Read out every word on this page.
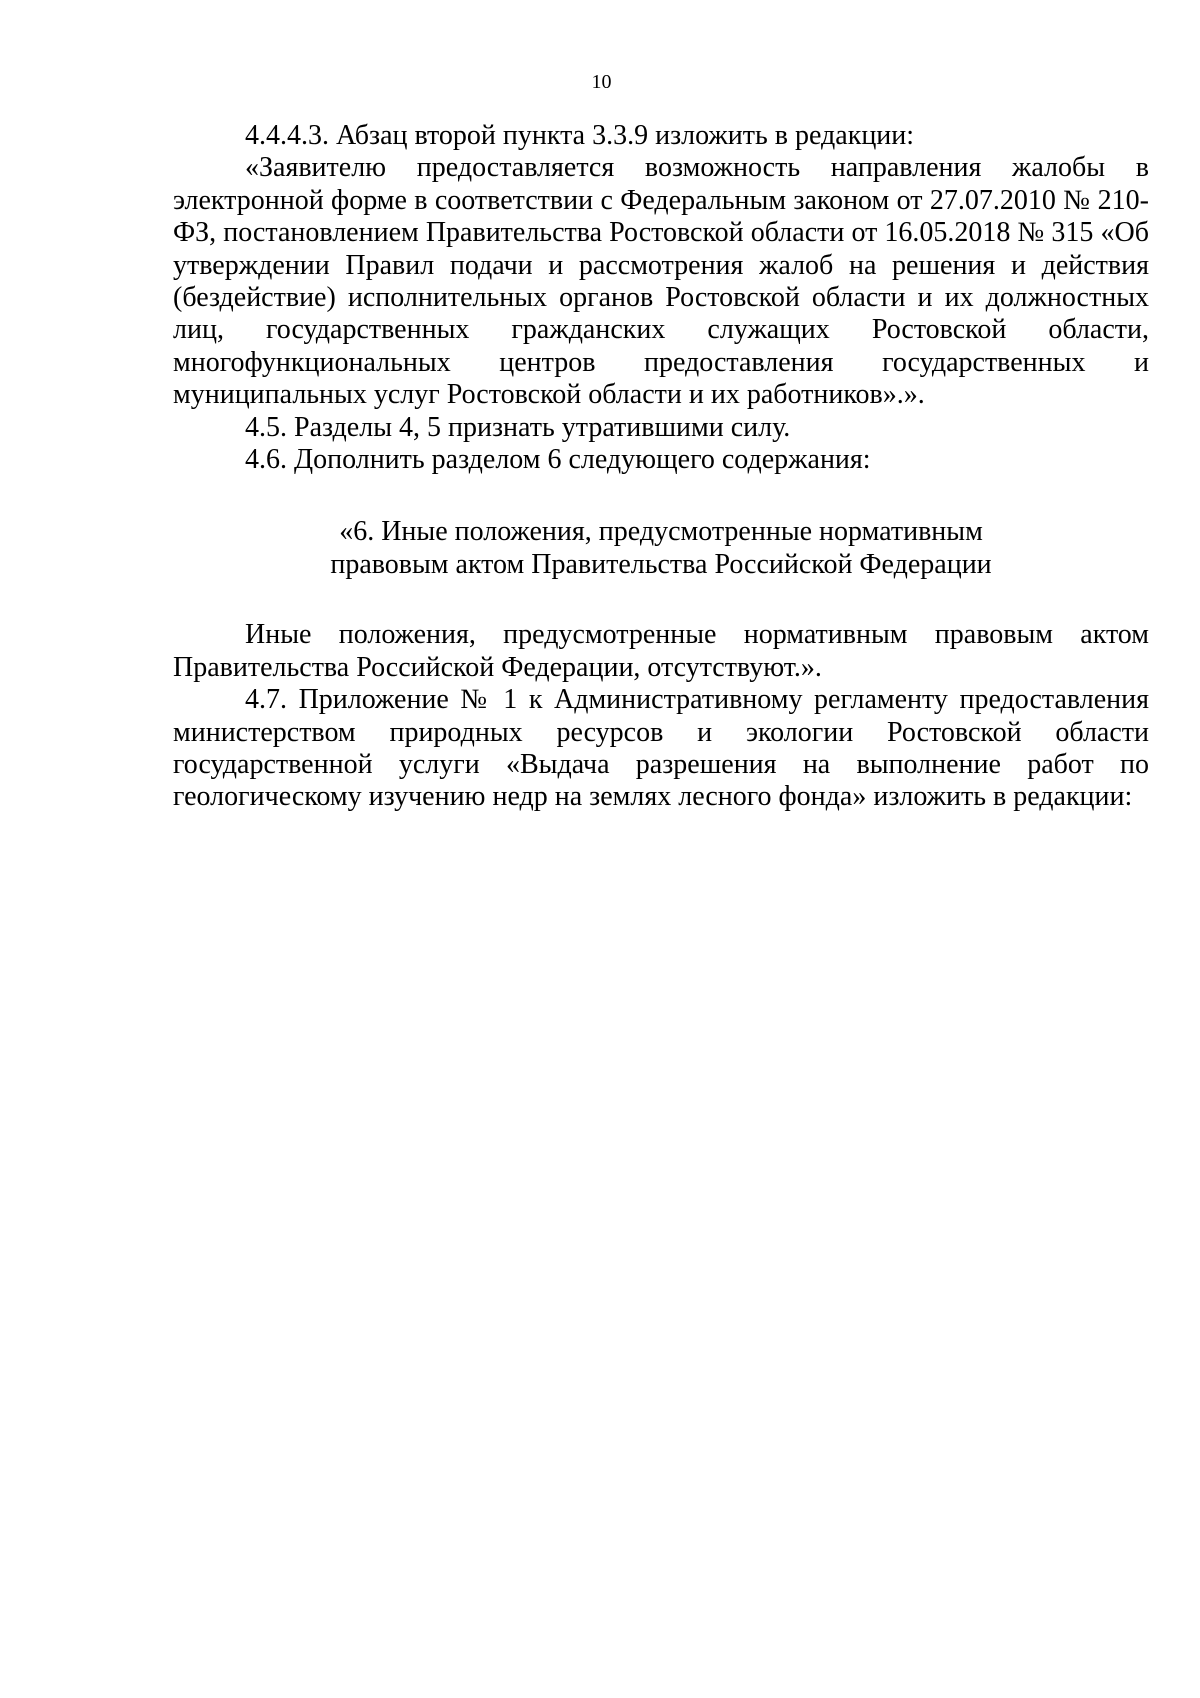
10

4.4.4.3. Абзац второй пункта 3.3.9 изложить в редакции:

«Заявителю предоставляется возможность направления жалобы в электронной форме в соответствии с Федеральным законом от 27.07.2010 № 210-ФЗ, постановлением Правительства Ростовской области от 16.05.2018 № 315 «Об утверждении Правил подачи и рассмотрения жалоб на решения и действия (бездействие) исполнительных органов Ростовской области и их должностных лиц, государственных гражданских служащих Ростовской области, многофункциональных центров предоставления государственных и муниципальных услуг Ростовской области и их работников».».

4.5. Разделы 4, 5 признать утратившими силу.

4.6. Дополнить разделом 6 следующего содержания:

«6. Иные положения, предусмотренные нормативным
правовым актом Правительства Российской Федерации

Иные положения, предусмотренные нормативным правовым актом Правительства Российской Федерации, отсутствуют.».

4.7. Приложение № 1 к Административному регламенту предоставления министерством природных ресурсов и экологии Ростовской области государственной услуги «Выдача разрешения на выполнение работ по геологическому изучению недр на землях лесного фонда» изложить в редакции:
